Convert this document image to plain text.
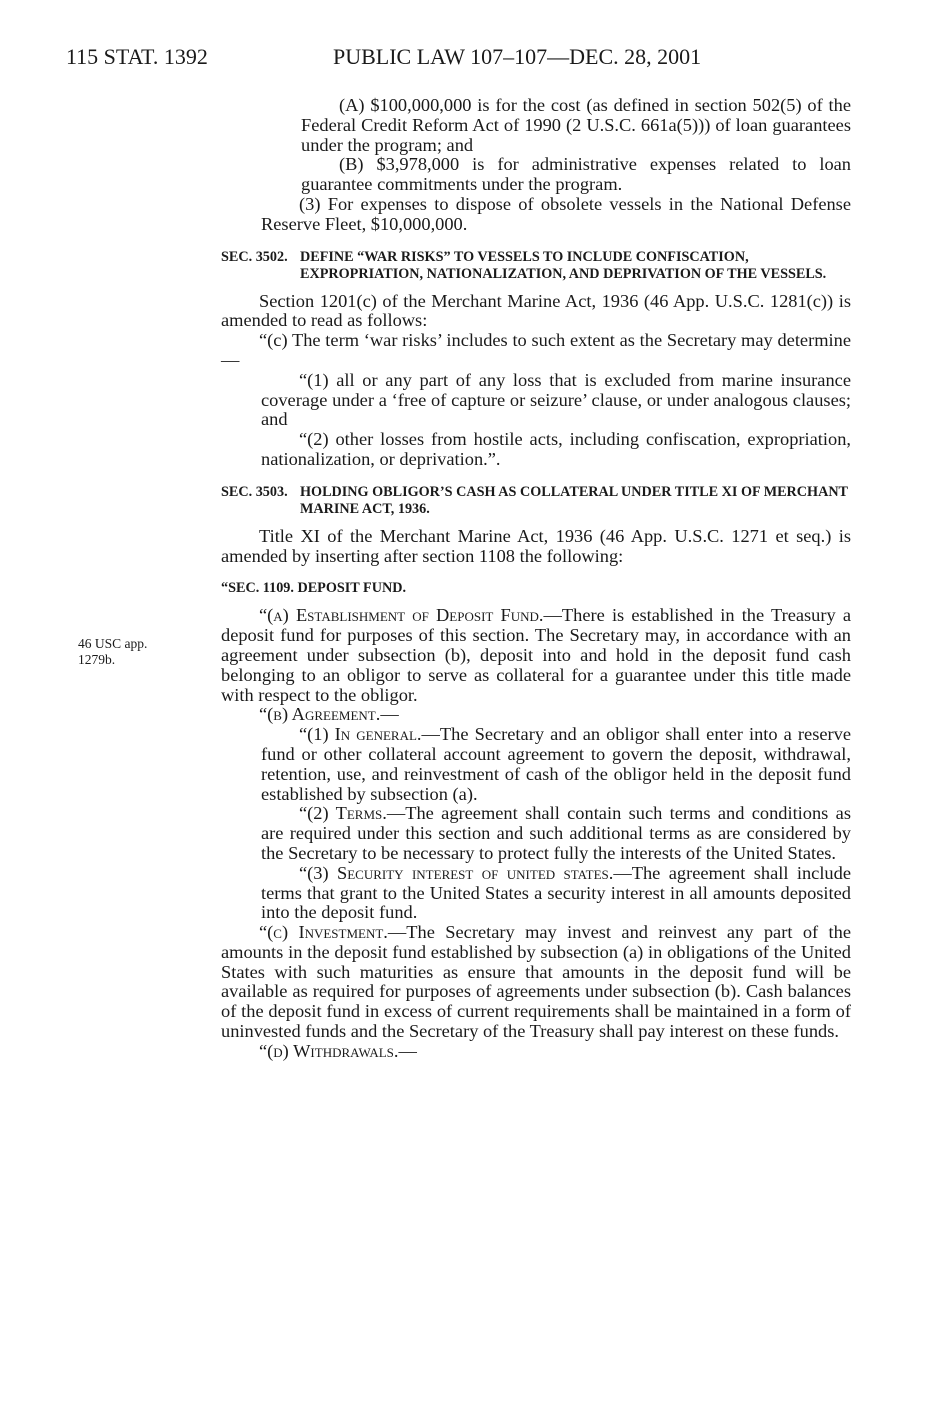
115 STAT. 1392	PUBLIC LAW 107–107—DEC. 28, 2001
46 USC app.
1279b.

(A) $100,000,000 is for the cost (as defined in section 502(5) of the Federal Credit Reform Act of 1990 (2 U.S.C. 661a(5))) of loan guarantees under the program; and

(B) $3,978,000 is for administrative expenses related to loan guarantee commitments under the program.

(3) For expenses to dispose of obsolete vessels in the National Defense Reserve Fleet, $10,000,000.

SEC. 3502. DEFINE “WAR RISKS” TO VESSELS TO INCLUDE CONFISCATION, EXPROPRIATION, NATIONALIZATION, AND DEPRIVATION OF THE VESSELS.

Section 1201(c) of the Merchant Marine Act, 1936 (46 App. U.S.C. 1281(c)) is amended to read as follows:

“(c) The term ‘war risks’ includes to such extent as the Secretary may determine—

“(1) all or any part of any loss that is excluded from marine insurance coverage under a ‘free of capture or seizure’ clause, or under analogous clauses; and

“(2) other losses from hostile acts, including confiscation, expropriation, nationalization, or deprivation.”.

SEC. 3503. HOLDING OBLIGOR’S CASH AS COLLATERAL UNDER TITLE XI OF MERCHANT MARINE ACT, 1936.

Title XI of the Merchant Marine Act, 1936 (46 App. U.S.C. 1271 et seq.) is amended by inserting after section 1108 the following:

“SEC. 1109. DEPOSIT FUND.

“(a) Establishment of Deposit Fund.—There is established in the Treasury a deposit fund for purposes of this section. The Secretary may, in accordance with an agreement under subsection (b), deposit into and hold in the deposit fund cash belonging to an obligor to serve as collateral for a guarantee under this title made with respect to the obligor.

“(b) Agreement.—

“(1) In general.—The Secretary and an obligor shall enter into a reserve fund or other collateral account agreement to govern the deposit, withdrawal, retention, use, and reinvestment of cash of the obligor held in the deposit fund established by subsection (a).

“(2) Terms.—The agreement shall contain such terms and conditions as are required under this section and such additional terms as are considered by the Secretary to be necessary to protect fully the interests of the United States.

“(3) Security interest of united states.—The agreement shall include terms that grant to the United States a security interest in all amounts deposited into the deposit fund.

“(c) Investment.—The Secretary may invest and reinvest any part of the amounts in the deposit fund established by subsection (a) in obligations of the United States with such maturities as ensure that amounts in the deposit fund will be available as required for purposes of agreements under subsection (b). Cash balances of the deposit fund in excess of current requirements shall be maintained in a form of uninvested funds and the Secretary of the Treasury shall pay interest on these funds.

“(d) Withdrawals.—
